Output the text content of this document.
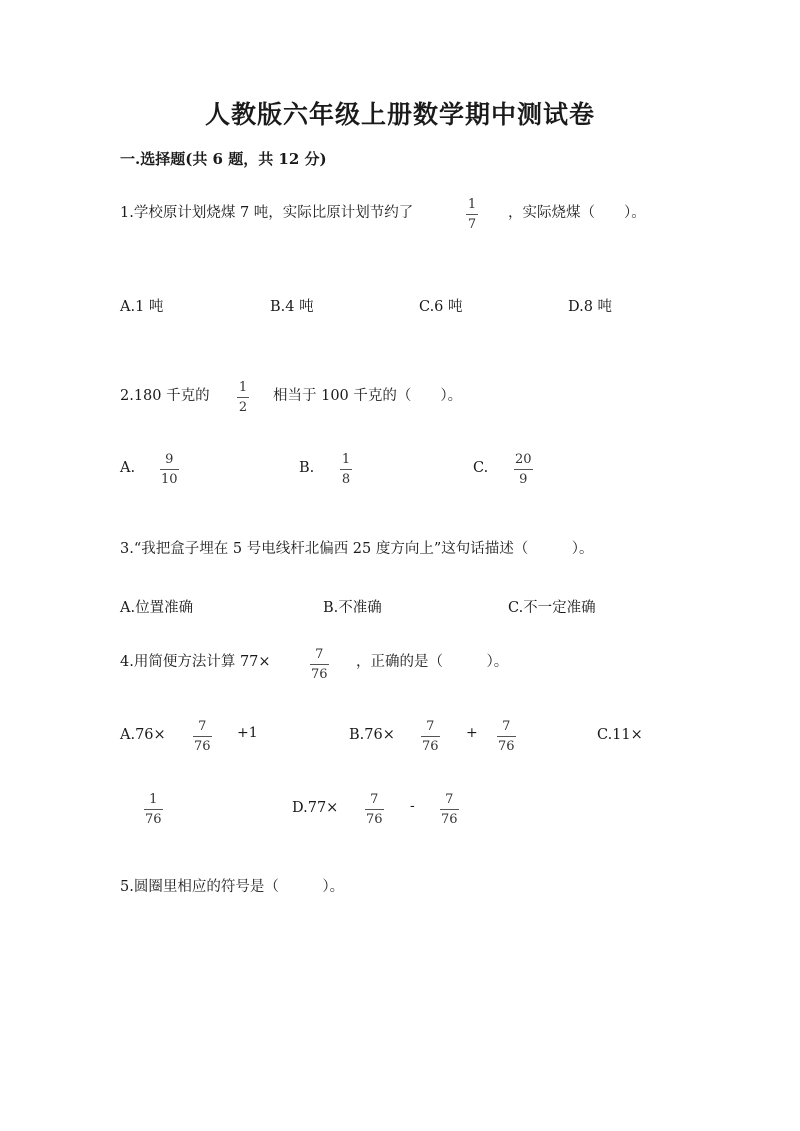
人教版六年级上册数学期中测试卷
一.选择题(共 6 题，共 12 分)
1.学校原计划烧煤 7 吨，实际比原计划节约了
1
7
，实际烧煤（　　）。
A.1 吨	B.4 吨	C.6 吨	D.8 吨
2.180 千克的
1
2
相当于 100 千克的（　　）。
A.
9
10
B.
1
8
C.
20
9
3.“我把盒子埋在 5 号电线杆北偏西 25 度方向上”这句话描述（　　　）。
A.位置准确	B.不准确	C.不一定准确
4.用简便方法计算 77×	7
76
，正确的是（　　　）。
A.76×
7
76
+1	B.76×
7
76
+ 7
76
C.11×
1
76
D.77×
7
76
- 7
76
5.圆圈里相应的符号是（　　　）。
